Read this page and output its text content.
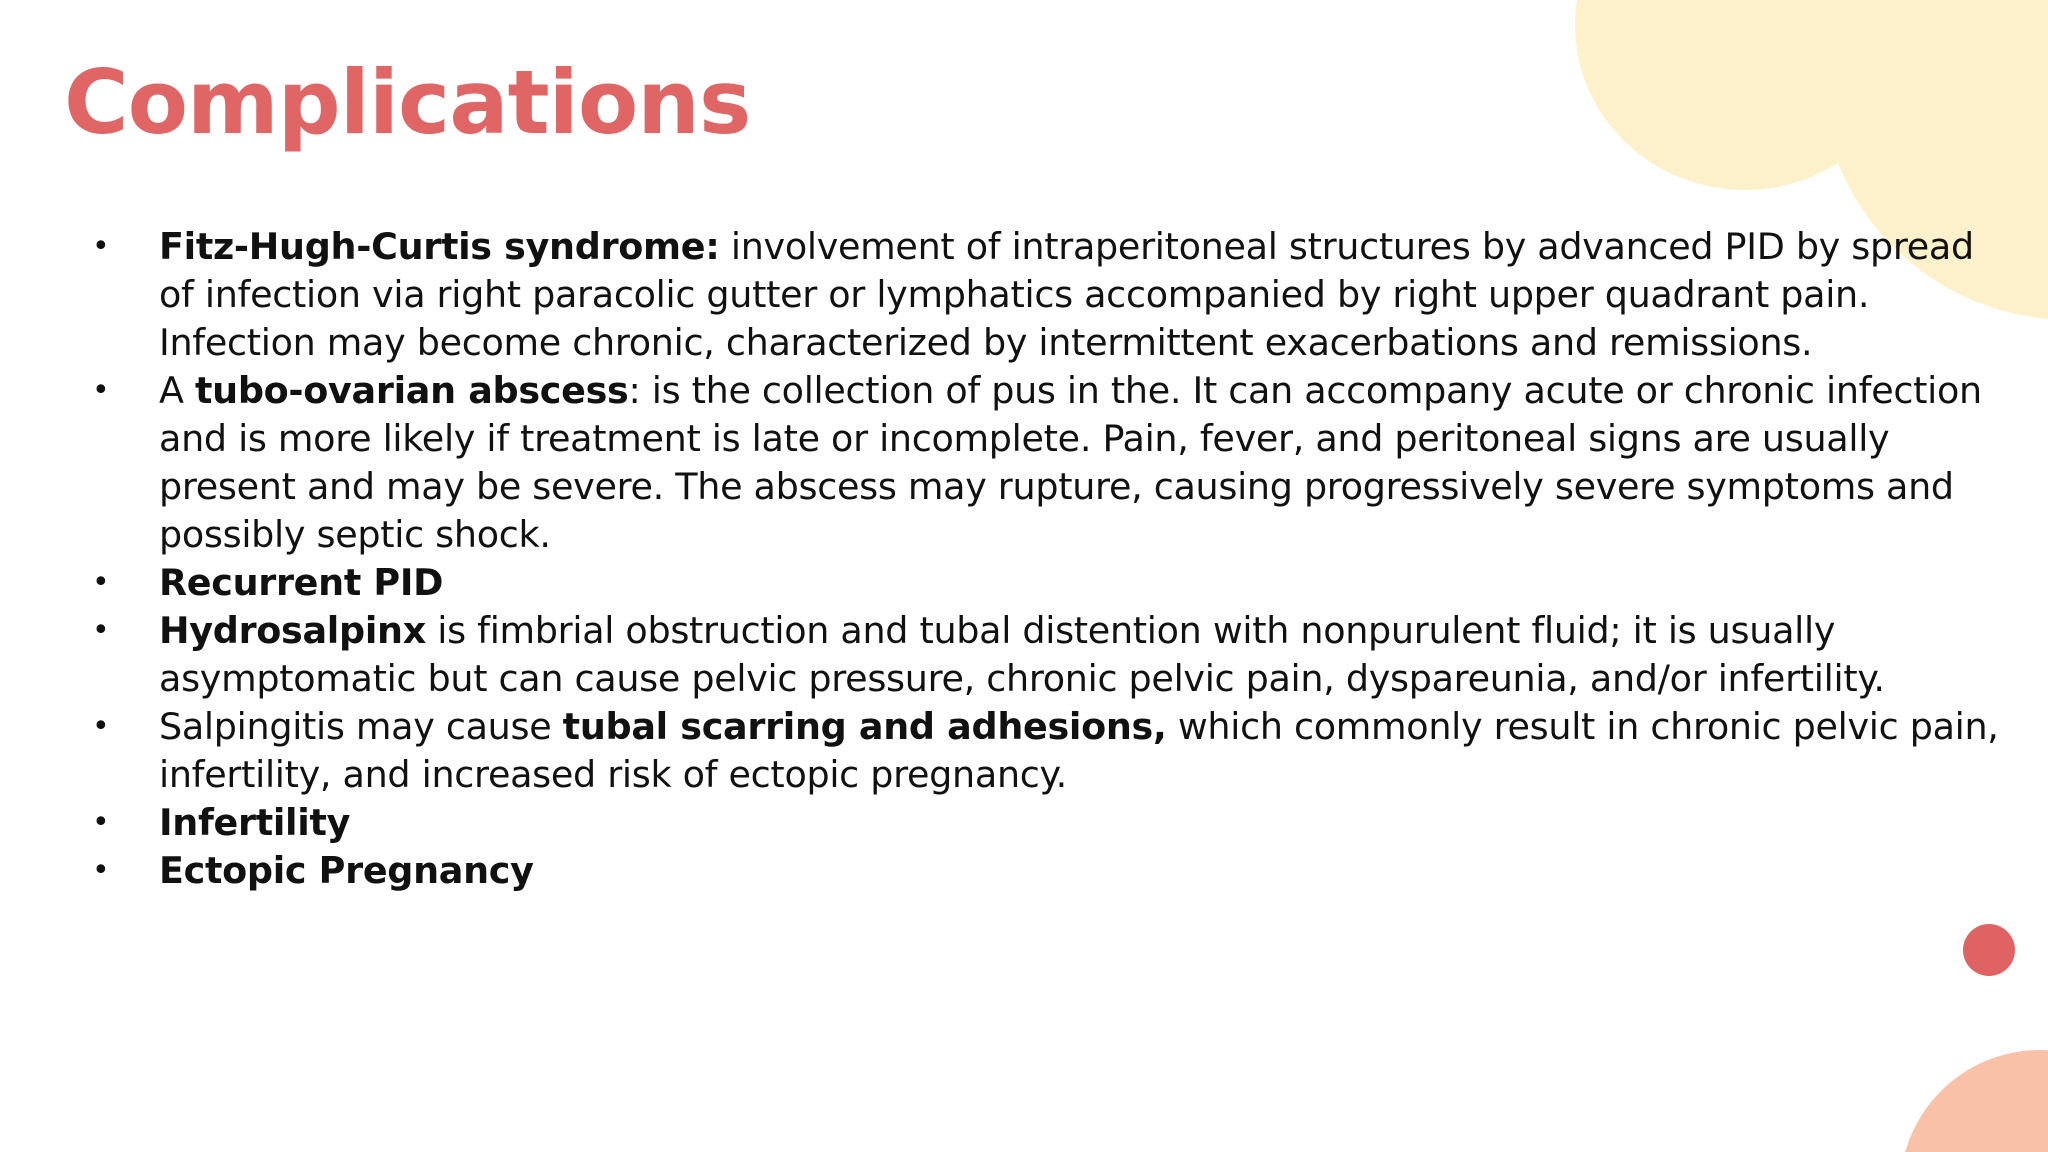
Complications
• Fitz-Hugh-Curtis syndrome: involvement of intraperitoneal structures by advanced PID by spread of infection via right paracolic gutter or lymphatics accompanied by right upper quadrant pain. Infection may become chronic, characterized by intermittent exacerbations and remissions.
• A tubo-ovarian abscess: is the collection of pus in the. It can accompany acute or chronic infection and is more likely if treatment is late or incomplete. Pain, fever, and peritoneal signs are usually present and may be severe. The abscess may rupture, causing progressively severe symptoms and possibly septic shock.
• Recurrent PID
• Hydrosalpinx is fimbrial obstruction and tubal distention with nonpurulent fluid; it is usually asymptomatic but can cause pelvic pressure, chronic pelvic pain, dyspareunia, and/or infertility.
• Salpingitis may cause tubal scarring and adhesions, which commonly result in chronic pelvic pain, infertility, and increased risk of ectopic pregnancy.
• Infertility
• Ectopic Pregnancy
